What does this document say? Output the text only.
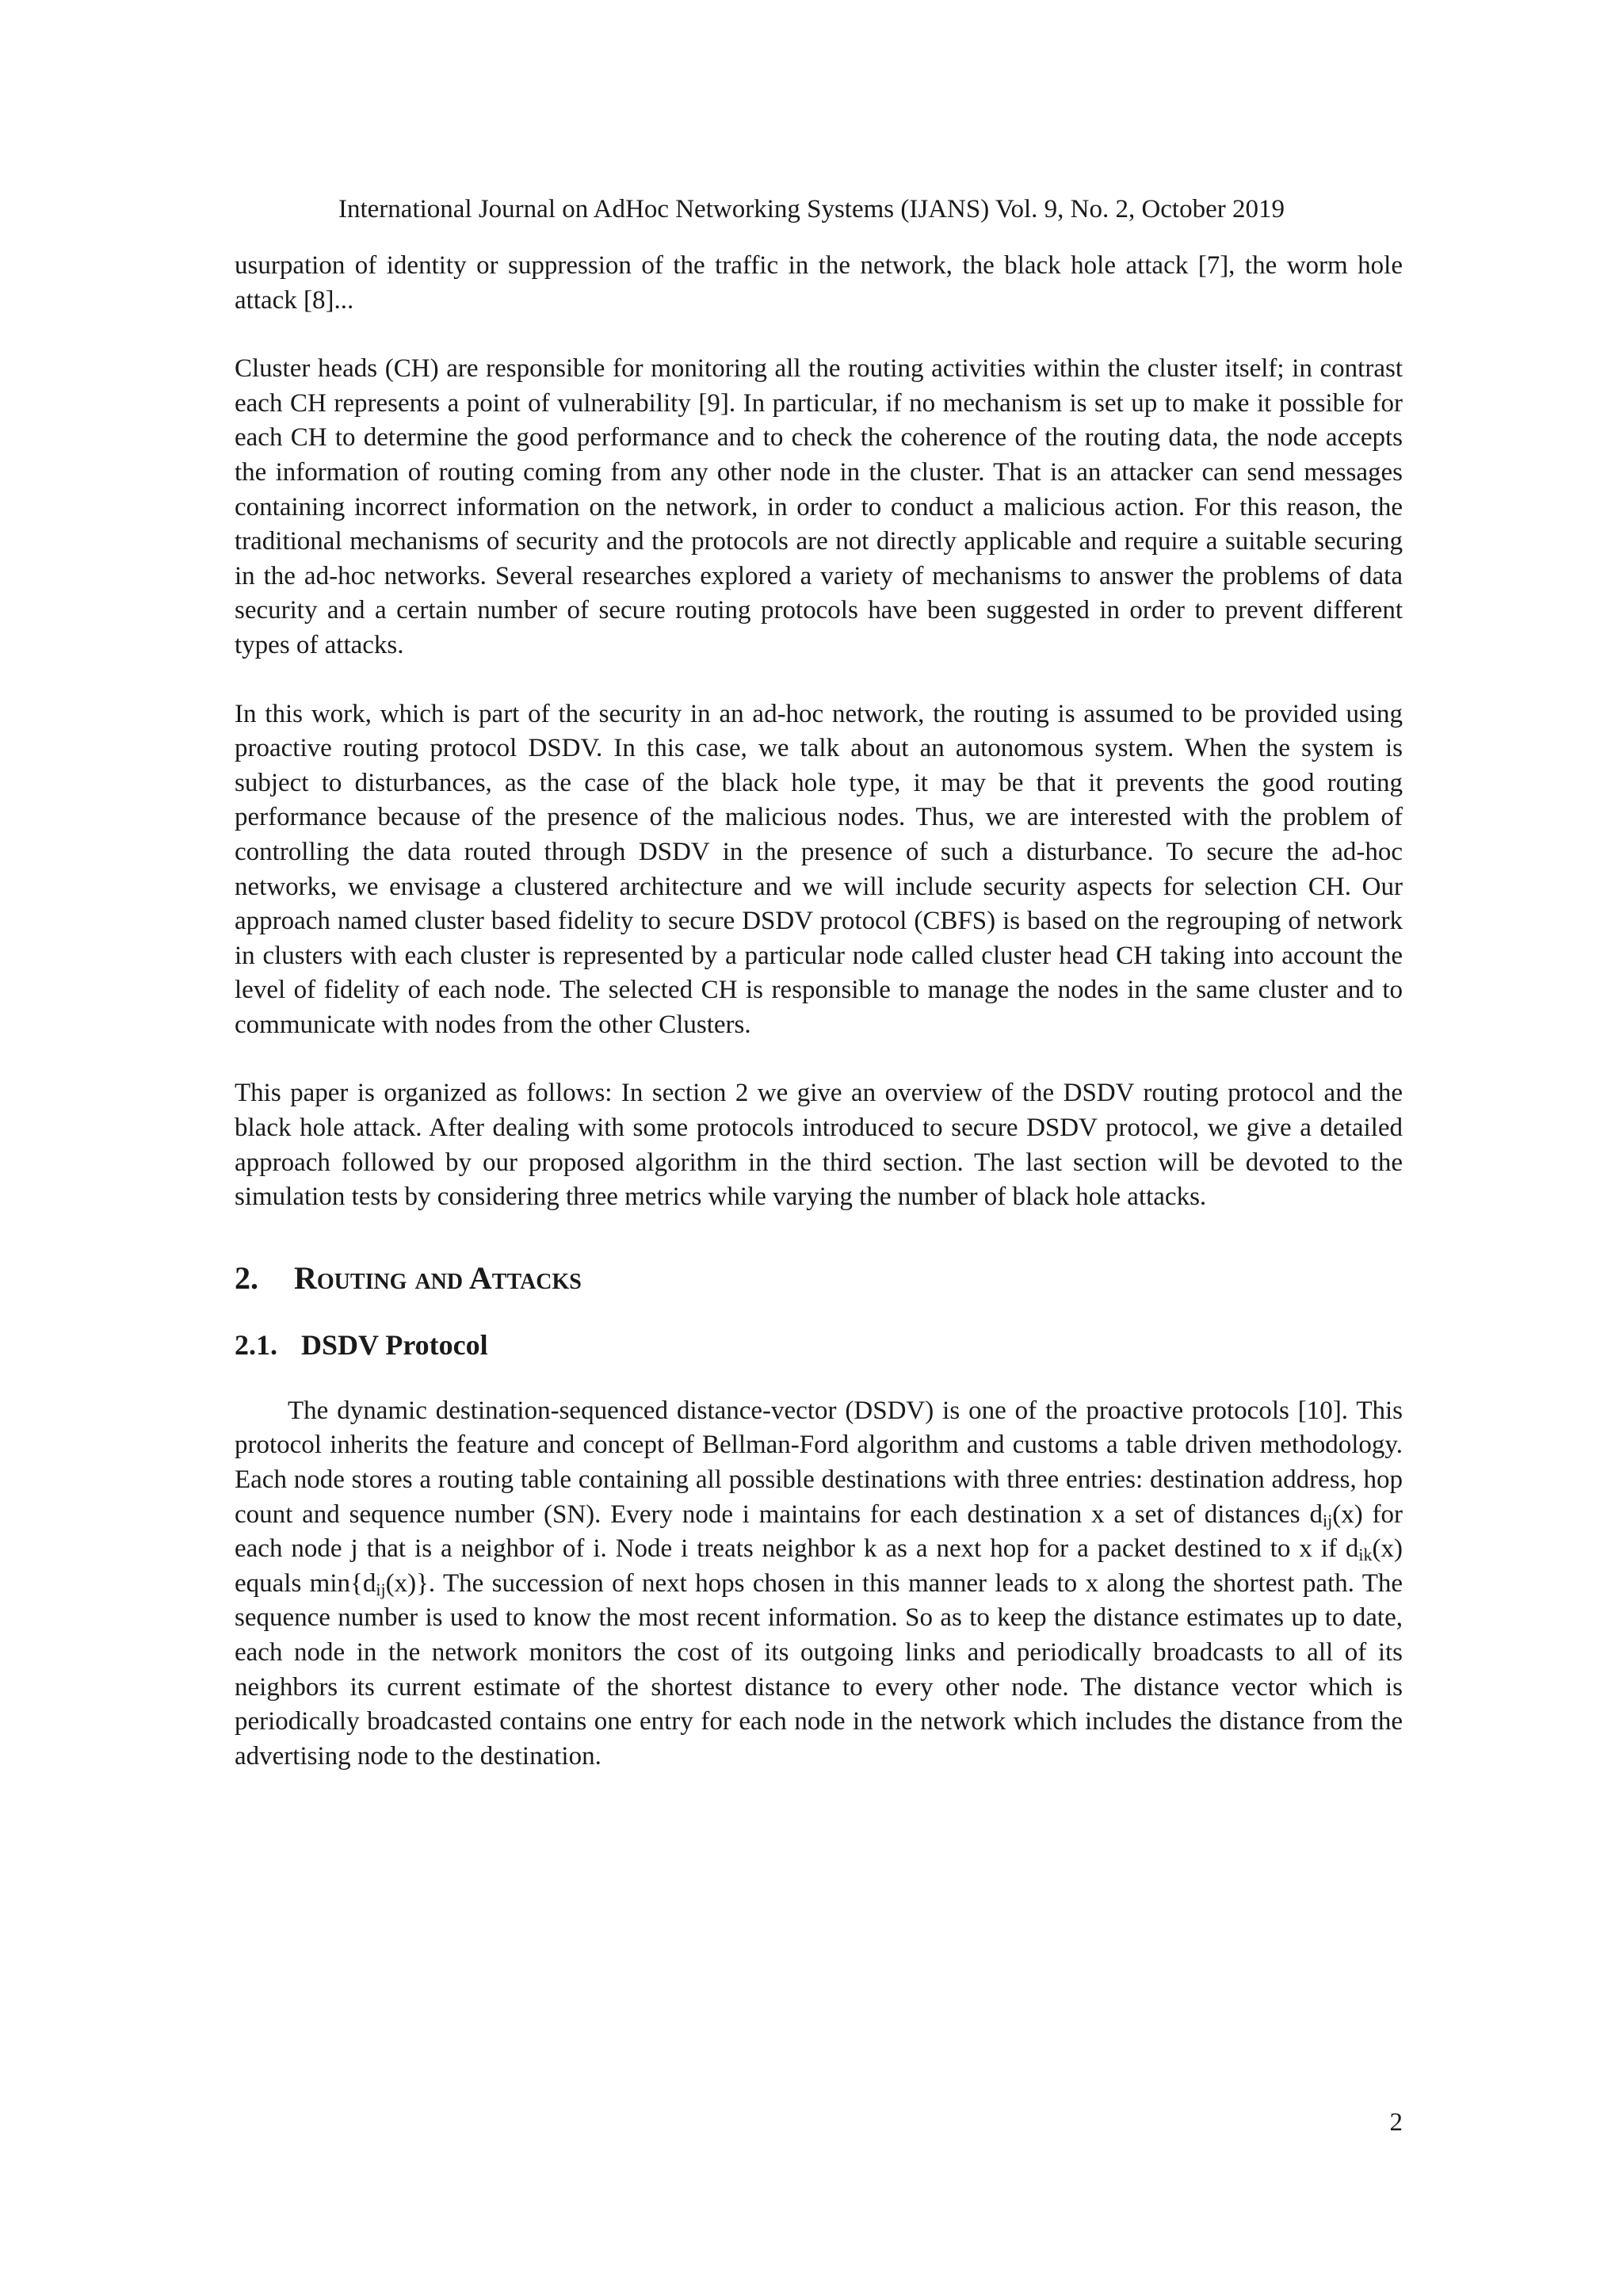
International Journal on AdHoc Networking Systems (IJANS) Vol. 9, No. 2, October 2019

usurpation of identity or suppression of the traffic in the network, the black hole attack [7], the worm hole attack [8]...

Cluster heads (CH) are responsible for monitoring all the routing activities within the cluster itself; in contrast each CH represents a point of vulnerability [9]. In particular, if no mechanism is set up to make it possible for each CH to determine the good performance and to check the coherence of the routing data, the node accepts the information of routing coming from any other node in the cluster. That is an attacker can send messages containing incorrect information on the network, in order to conduct a malicious action. For this reason, the traditional mechanisms of security and the protocols are not directly applicable and require a suitable securing in the ad-hoc networks. Several researches explored a variety of mechanisms to answer the problems of data security and a certain number of secure routing protocols have been suggested in order to prevent different types of attacks.

In this work, which is part of the security in an ad-hoc network, the routing is assumed to be provided using proactive routing protocol DSDV. In this case, we talk about an autonomous system. When the system is subject to disturbances, as the case of the black hole type, it may be that it prevents the good routing performance because of the presence of the malicious nodes. Thus, we are interested with the problem of controlling the data routed through DSDV in the presence of such a disturbance. To secure the ad-hoc networks, we envisage a clustered architecture and we will include security aspects for selection CH. Our approach named cluster based fidelity to secure DSDV protocol (CBFS) is based on the regrouping of network in clusters with each cluster is represented by a particular node called cluster head CH taking into account the level of fidelity of each node. The selected CH is responsible to manage the nodes in the same cluster and to communicate with nodes from the other Clusters.

This paper is organized as follows: In section 2 we give an overview of the DSDV routing protocol and the black hole attack. After dealing with some protocols introduced to secure DSDV protocol, we give a detailed approach followed by our proposed algorithm in the third section. The last section will be devoted to the simulation tests by considering three metrics while varying the number of black hole attacks.

2. Routing and Attacks
2.1. DSDV Protocol

The dynamic destination-sequenced distance-vector (DSDV) is one of the proactive protocols [10]. This protocol inherits the feature and concept of Bellman-Ford algorithm and customs a table driven methodology. Each node stores a routing table containing all possible destinations with three entries: destination address, hop count and sequence number (SN). Every node i maintains for each destination x a set of distances $d_{ij}(x)$ for each node j that is a neighbor of i. Node i treats neighbor k as a next hop for a packet destined to x if $d_{ik}(x)$ equals $\min\{d_{ij}(x)\}$. The succession of next hops chosen in this manner leads to x along the shortest path. The sequence number is used to know the most recent information. So as to keep the distance estimates up to date, each node in the network monitors the cost of its outgoing links and periodically broadcasts to all of its neighbors its current estimate of the shortest distance to every other node. The distance vector which is periodically broadcasted contains one entry for each node in the network which includes the distance from the advertising node to the destination.

2
